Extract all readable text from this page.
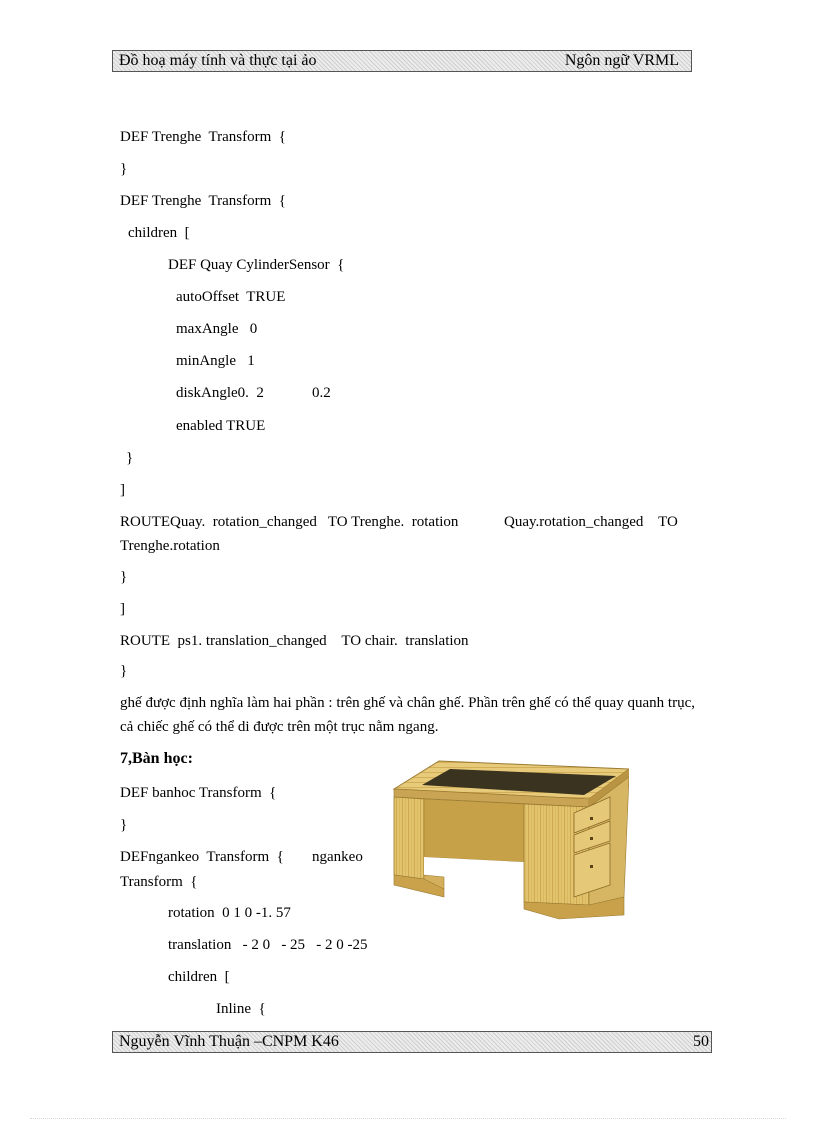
Đồ hoạ máy tính và thực tại ảo	Ngôn ngữ VRML
DEF Trenghe  Transform  {
}
DEF Trenghe  Transform  {
children  [
DEF Quay CylinderSensor  {
autoOffset  TRUE
maxAngle   0
minAngle   1
diskAngle0.  2	0.2
enabled TRUE
}
]
ROUTEQuay.  rotation_changed   TO Trenghe.  rotation	Quay.rotation_changed    TO
Trenghe.rotation
}
]
ROUTE  ps1. translation_changed    TO chair.  translation
}
ghế được định nghĩa làm hai phần : trên ghế và chân ghế. Phần trên ghế có thể quay quanh trục, cả chiếc ghế có thể di được trên một trục nằm ngang.
7,Bàn học:
DEF banhoc Transform  {
}
DEFngankeo  Transform  { ngankeo
Transform  {
rotation  0 1 0 -1. 57
translation   - 2 0   - 25   - 2 0 -25
children  [
Inline  {
Nguyễn Vĩnh Thuận –CNPM K46	50
